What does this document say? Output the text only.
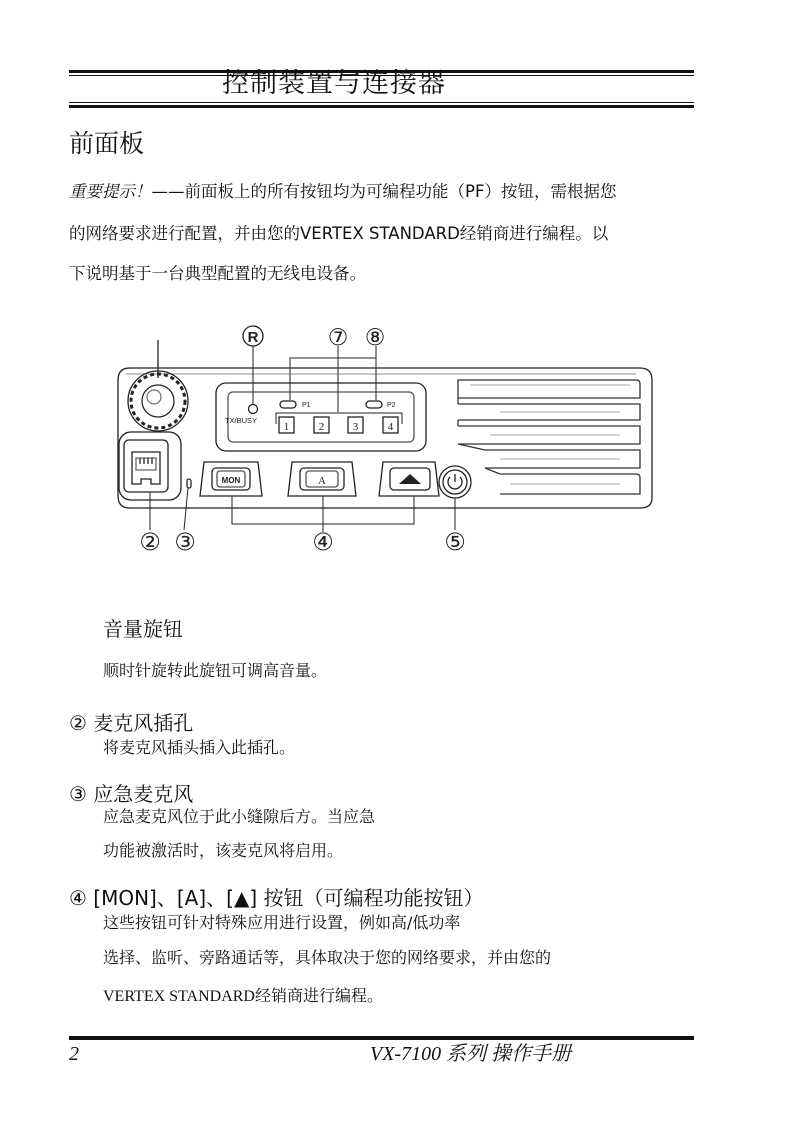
控制装置与连接器
前面板
重要提示！——前面板上的所有按钮均为可编程功能（PF）按钮，需根据您
的网络要求进行配置，并由您的VERTEX STANDARD经销商进行编程。以
下说明基于一台典型配置的无线电设备。
R	⑦ ⑧
TX/BUSY
P1	P2
1	2	3	4
MON	A
② ③	④	⑤
音量旋钮
顺时针旋转此旋钮可调高音量。
② 麦克风插孔
将麦克风插头插入此插孔。
③ 应急麦克风
应急麦克风位于此小缝隙后方。当应急
功能被激活时，该麦克风将启用。
④ [MON]、[A]、[▲] 按钮（可编程功能按钮）
这些按钮可针对特殊应用进行设置，例如高/低功率
选择、监听、旁路通话等，具体取决于您的网络要求，并由您的
VERTEX STANDARD经销商进行编程。
2	VX-7100 系列 操作手册
